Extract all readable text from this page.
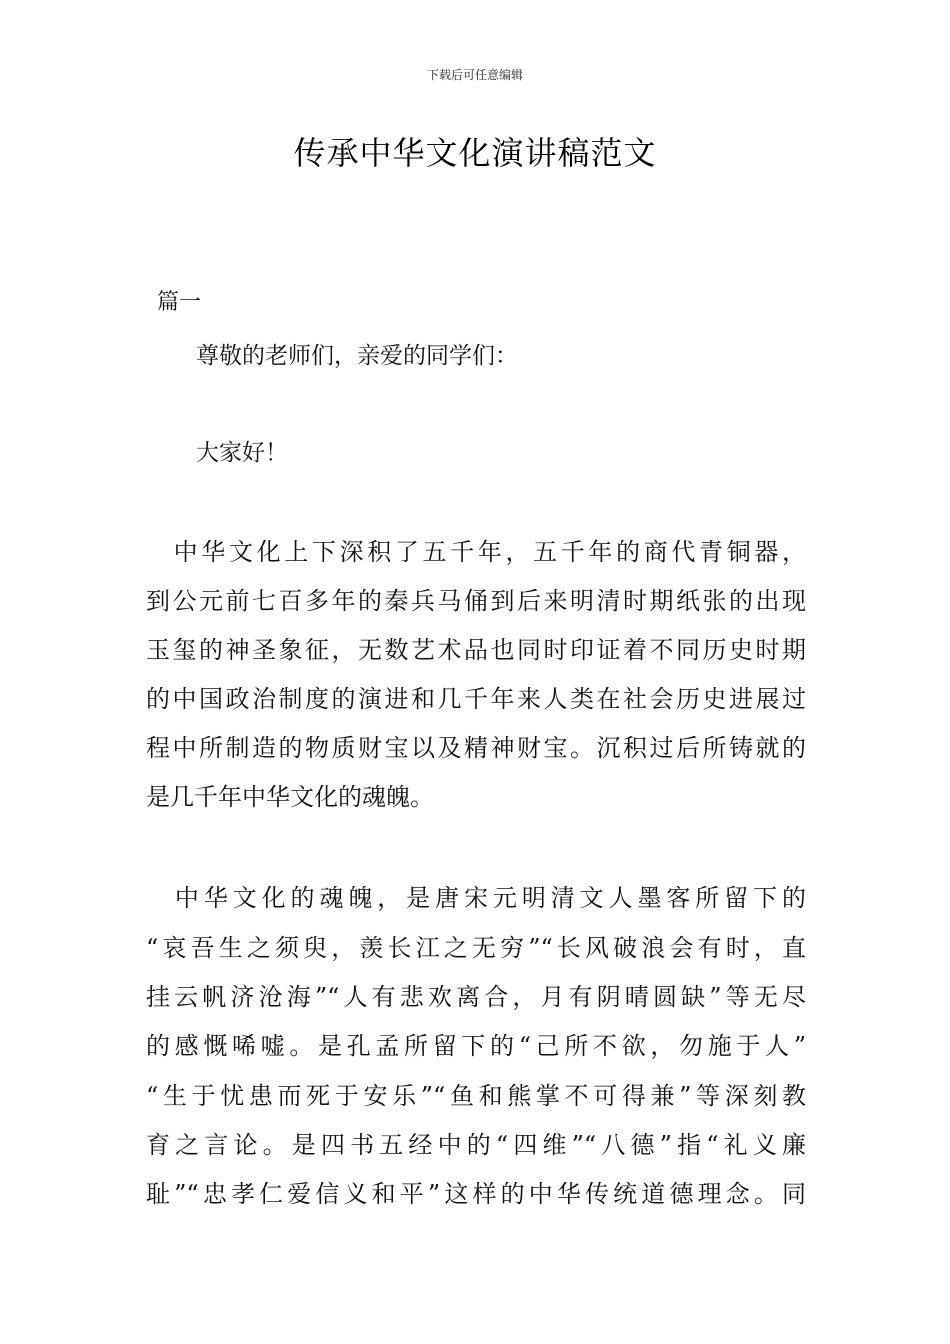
下载后可任意编辑
传承中华文化演讲稿范文
篇一
尊敬的老师们，亲爱的同学们：
大家好！
　中华文化上下深积了五千年，五千年的商代青铜器，
到公元前七百多年的秦兵马俑到后来明清时期纸张的出现
玉玺的神圣象征，无数艺术品也同时印证着不同历史时期
的中国政治制度的演进和几千年来人类在社会历史进展过
程中所制造的物质财宝以及精神财宝。沉积过后所铸就的
是几千年中华文化的魂魄。
　中华文化的魂魄，是唐宋元明清文人墨客所留下的
“哀吾生之须臾，羡长江之无穷”“长风破浪会有时，直
挂云帆济沧海”“人有悲欢离合，月有阴晴圆缺”等无尽
的感慨唏嘘。是孔孟所留下的“己所不欲，勿施于人”
“生于忧患而死于安乐”“鱼和熊掌不可得兼”等深刻教
育之言论。是四书五经中的“四维”“八德”指“礼义廉
耻”“忠孝仁爱信义和平”这样的中华传统道德理念。同
